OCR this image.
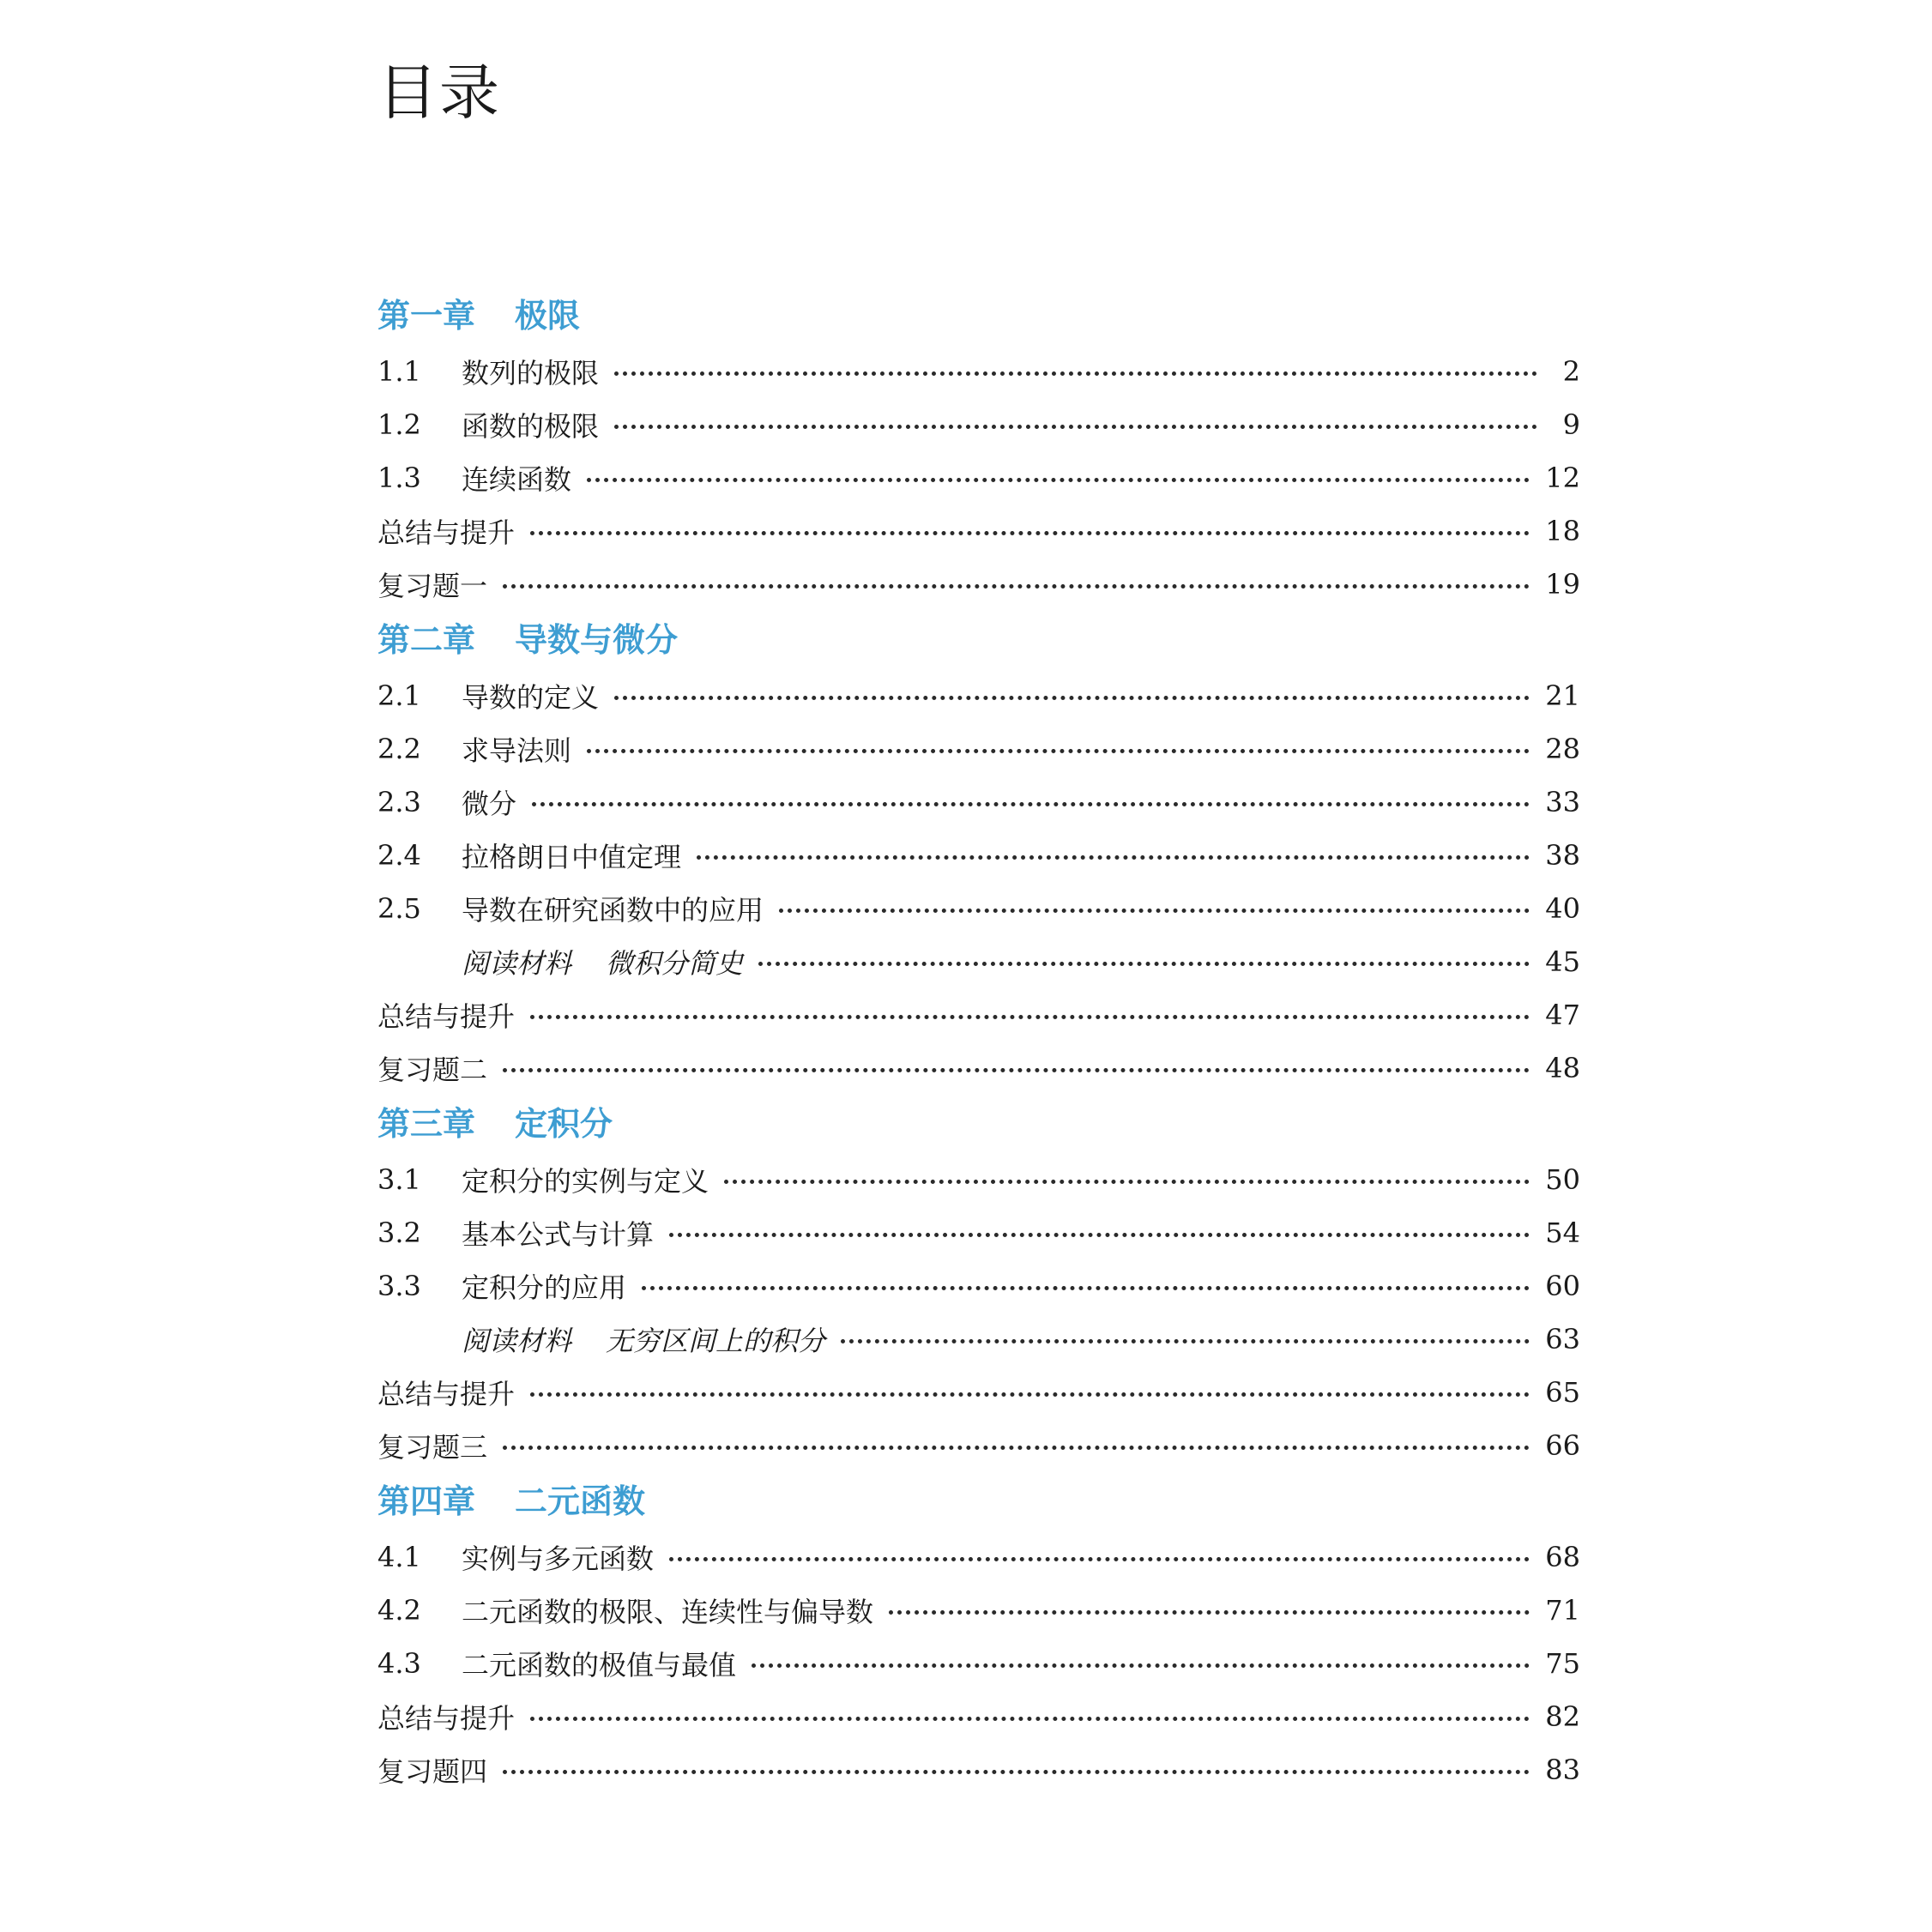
目录
第一章 极限
1.1	数列的极限	2
1.2	函数的极限	9
1.3	连续函数	12
总结与提升	18
复习题一	19
第二章 导数与微分
2.1	导数的定义	21
2.2	求导法则	28
2.3	微分	33
2.4	拉格朗日中值定理	38
2.5	导数在研究函数中的应用	40
阅读材料 微积分简史	45
总结与提升	47
复习题二	48
第三章 定积分
3.1	定积分的实例与定义	50
3.2	基本公式与计算	54
3.3	定积分的应用	60
阅读材料 无穷区间上的积分	63
总结与提升	65
复习题三	66
第四章 二元函数
4.1	实例与多元函数	68
4.2	二元函数的极限、连续性与偏导数	71
4.3	二元函数的极值与最值	75
总结与提升	82
复习题四	83
